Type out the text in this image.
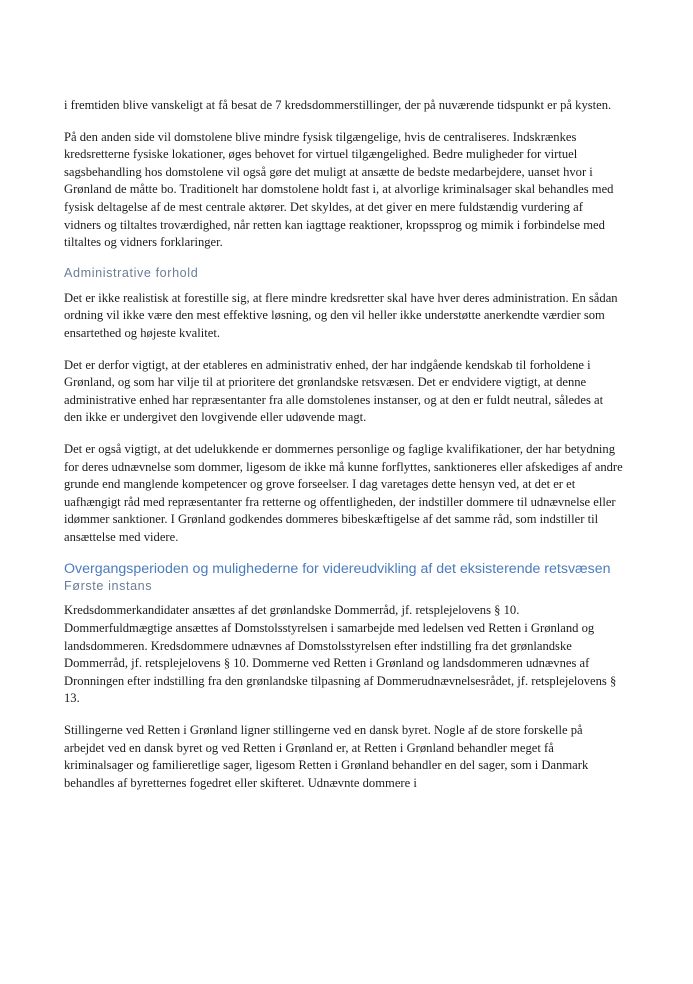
i fremtiden blive vanskeligt at få besat de 7 kredsdommerstillinger, der på nuværende tidspunkt er på kysten.

På den anden side vil domstolene blive mindre fysisk tilgængelige, hvis de centraliseres. Indskrænkes kredsretterne fysiske lokationer, øges behovet for virtuel tilgængelighed. Bedre muligheder for virtuel sagsbehandling hos domstolene vil også gøre det muligt at ansætte de bedste medarbejdere, uanset hvor i Grønland de måtte bo. Traditionelt har domstolene holdt fast i, at alvorlige kriminalsager skal behandles med fysisk deltagelse af de mest centrale aktører. Det skyldes, at det giver en mere fuldstændig vurdering af vidners og tiltaltes troværdighed, når retten kan iagttage reaktioner, kropssprog og mimik i forbindelse med tiltaltes og vidners forklaringer.

Administrative forhold

Det er ikke realistisk at forestille sig, at flere mindre kredsretter skal have hver deres administration. En sådan ordning vil ikke være den mest effektive løsning, og den vil heller ikke understøtte anerkendte værdier som ensartethed og højeste kvalitet.

Det er derfor vigtigt, at der etableres en administrativ enhed, der har indgående kendskab til forholdene i Grønland, og som har vilje til at prioritere det grønlandske retsvæsen. Det er endvidere vigtigt, at denne administrative enhed har repræsentanter fra alle domstolenes instanser, og at den er fuldt neutral, således at den ikke er undergivet den lovgivende eller udøvende magt.

Det er også vigtigt, at det udelukkende er dommernes personlige og faglige kvalifikationer, der har betydning for deres udnævnelse som dommer, ligesom de ikke må kunne forflyttes, sanktioneres eller afskediges af andre grunde end manglende kompetencer og grove forseelser. I dag varetages dette hensyn ved, at det er et uafhængigt råd med repræsentanter fra retterne og offentligheden, der indstiller dommere til udnævnelse eller idømmer sanktioner. I Grønland godkendes dommeres bibeskæftigelse af det samme råd, som indstiller til ansættelse med videre.

Overgangsperioden og mulighederne for videreudvikling af det eksisterende retsvæsen
Første instans

Kredsdommerkandidater ansættes af det grønlandske Dommerråd, jf. retsplejelovens § 10. Dommerfuldmægtige ansættes af Domstolsstyrelsen i samarbejde med ledelsen ved Retten i Grønland og landsdommeren. Kredsdommere udnævnes af Domstolsstyrelsen efter indstilling fra det grønlandske Dommerråd, jf. retsplejelovens § 10. Dommerne ved Retten i Grønland og landsdommeren udnævnes af Dronningen efter indstilling fra den grønlandske tilpasning af Dommerudnævnelsesrådet, jf. retsplejelovens § 13.

Stillingerne ved Retten i Grønland ligner stillingerne ved en dansk byret. Nogle af de store forskelle på arbejdet ved en dansk byret og ved Retten i Grønland er, at Retten i Grønland behandler meget få kriminalsager og familieretlige sager, ligesom Retten i Grønland behandler en del sager, som i Danmark behandles af byretternes fogedret eller skifteret. Udnævnte dommere i
